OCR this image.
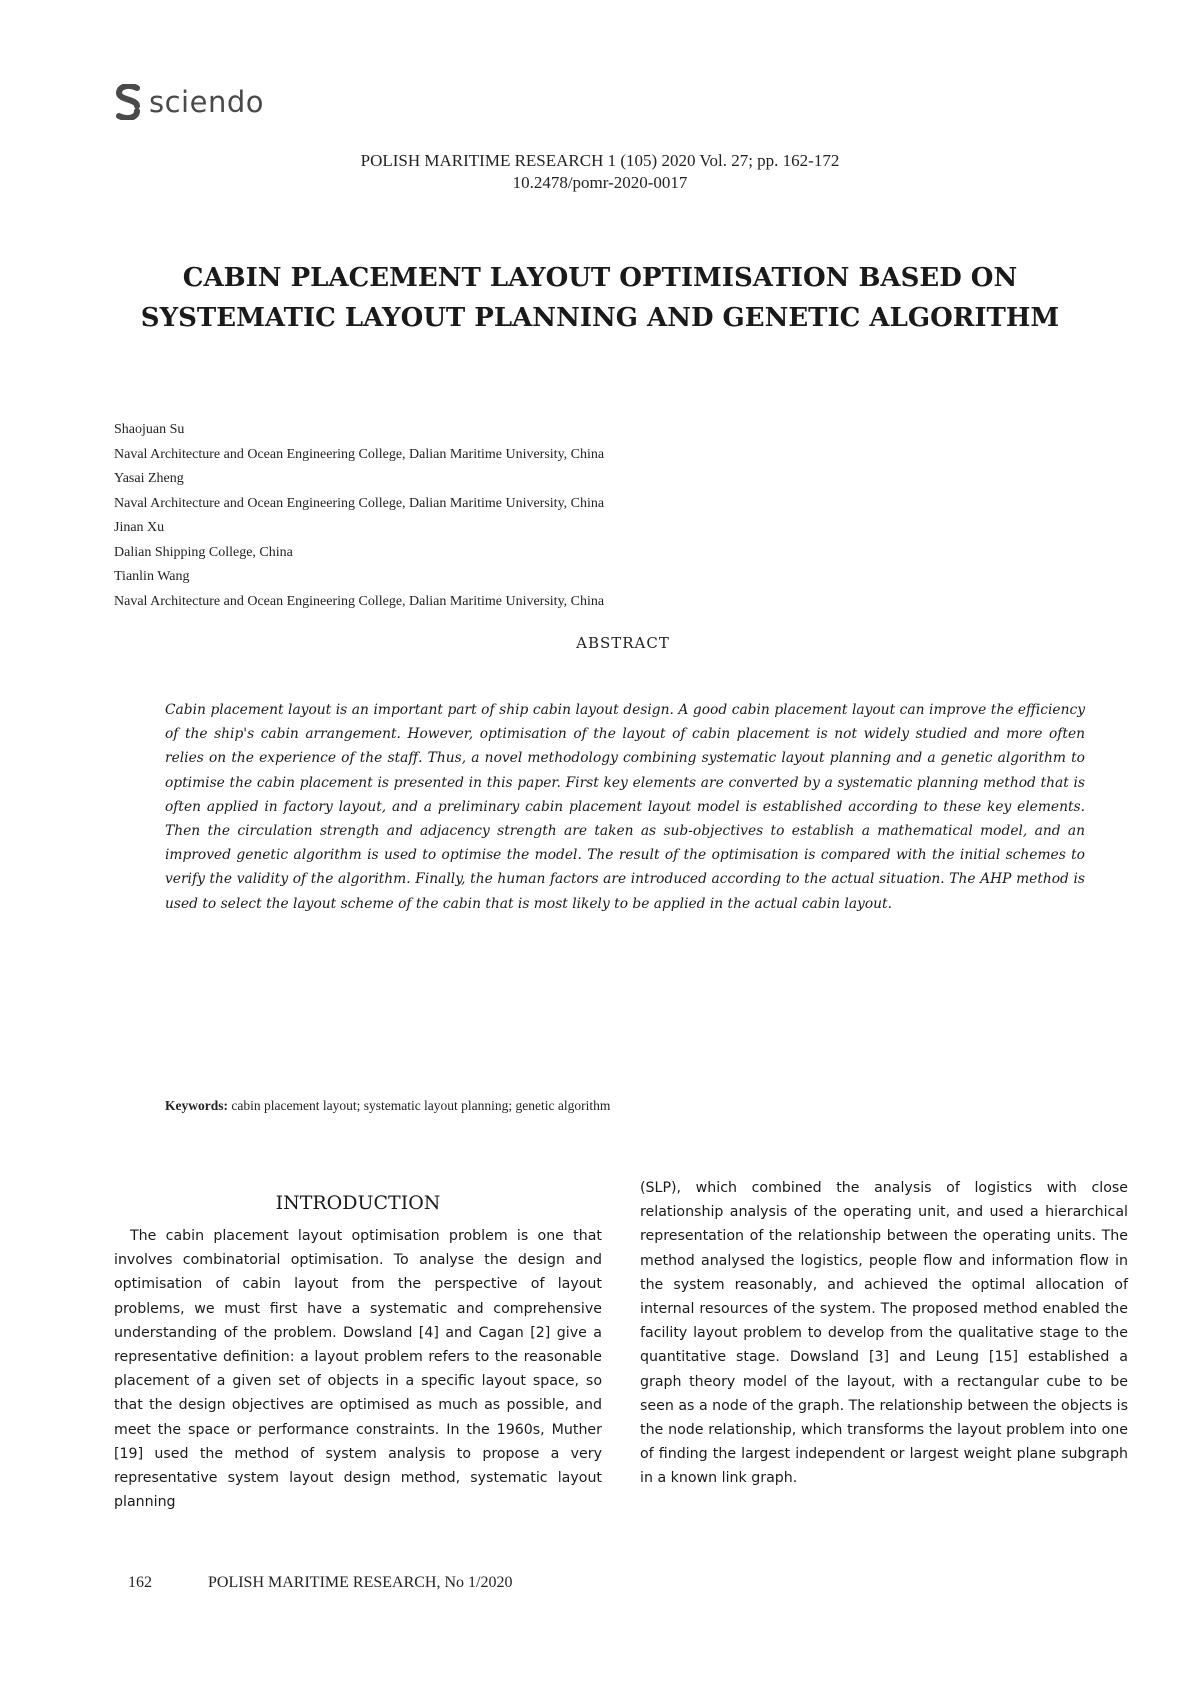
sciendo
POLISH MARITIME RESEARCH 1 (105) 2020 Vol. 27; pp. 162-172
10.2478/pomr-2020-0017
CABIN PLACEMENT LAYOUT OPTIMISATION BASED ON
SYSTEMATIC LAYOUT PLANNING AND GENETIC ALGORITHM
Shaojuan Su
Naval Architecture and Ocean Engineering College, Dalian Maritime University, China
Yasai Zheng
Naval Architecture and Ocean Engineering College, Dalian Maritime University, China
Jinan Xu
Dalian Shipping College, China
Tianlin Wang
Naval Architecture and Ocean Engineering College, Dalian Maritime University, China
ABSTRACT
Cabin placement layout is an important part of ship cabin layout design. A good cabin placement layout can improve the efficiency of the ship's cabin arrangement. However, optimisation of the layout of cabin placement is not widely studied and more often relies on the experience of the staff. Thus, a novel methodology combining systematic layout planning and a genetic algorithm to optimise the cabin placement is presented in this paper. First key elements are converted by a systematic planning method that is often applied in factory layout, and a preliminary cabin placement layout model is established according to these key elements. Then the circulation strength and adjacency strength are taken as sub-objectives to establish a mathematical model, and an improved genetic algorithm is used to optimise the model. The result of the optimisation is compared with the initial schemes to verify the validity of the algorithm. Finally, the human factors are introduced according to the actual situation. The AHP method is used to select the layout scheme of the cabin that is most likely to be applied in the actual cabin layout.
Keywords: cabin placement layout; systematic layout planning; genetic algorithm
INTRODUCTION

The cabin placement layout optimisation problem is one that involves combinatorial optimisation. To analyse the design and optimisation of cabin layout from the perspective of layout problems, we must first have a systematic and comprehensive understanding of the problem. Dowsland [4] and Cagan [2] give a representative definition: a layout problem refers to the reasonable placement of a given set of objects in a specific layout space, so that the design objectives are optimised as much as possible, and meet the space or performance constraints. In the 1960s, Muther [19] used the method of system analysis to propose a very representative system layout design method, systematic layout planning

(SLP), which combined the analysis of logistics with close relationship analysis of the operating unit, and used a hierarchical representation of the relationship between the operating units. The method analysed the logistics, people flow and information flow in the system reasonably, and achieved the optimal allocation of internal resources of the system. The proposed method enabled the facility layout problem to develop from the qualitative stage to the quantitative stage. Dowsland [3] and Leung [15] established a graph theory model of the layout, with a rectangular cube to be seen as a node of the graph. The relationship between the objects is the node relationship, which transforms the layout problem into one of finding the largest independent or largest weight plane subgraph in a known link graph.

162	POLISH MARITIME RESEARCH, No 1/2020
